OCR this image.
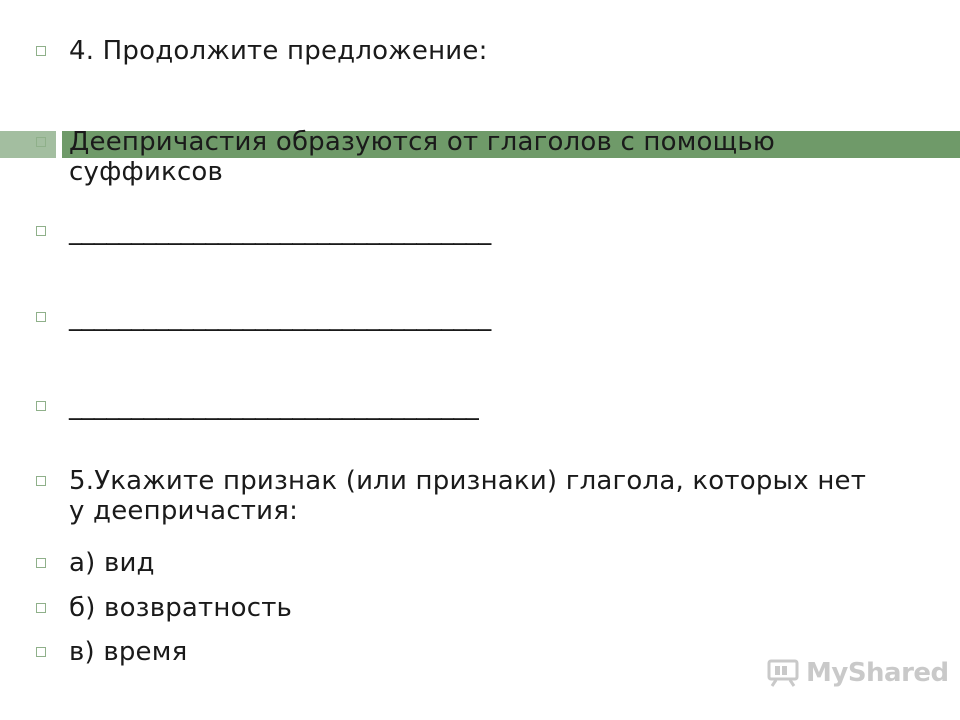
4. Продолжите предложение:
Деепричастия образуются от глаголов с помощью суффиксов
__________________________________
__________________________________
_________________________________
5.Укажите признак (или признаки) глагола, которых нет у деепричастия:
а) вид
б) возвратность
в) время
MyShared
